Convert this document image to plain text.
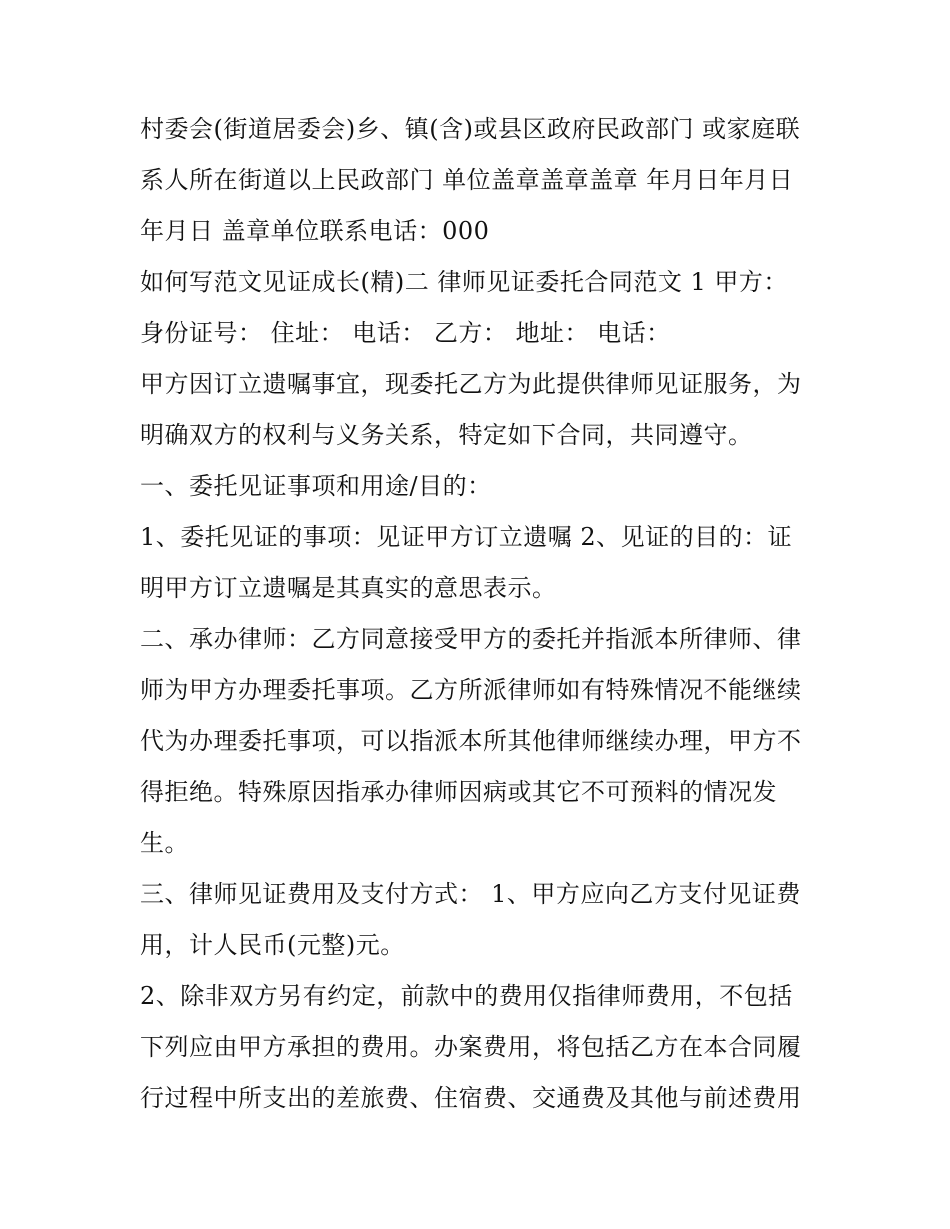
村委会(街道居委会)乡、镇(含)或县区政府民政部门 或家庭联
系人所在街道以上民政部门 单位盖章盖章盖章 年月日年月日
年月日 盖章单位联系电话：000
如何写范文见证成长(精)二 律师见证委托合同范文 1 甲方：
身份证号： 住址： 电话： 乙方： 地址： 电话：
甲方因订立遗嘱事宜，现委托乙方为此提供律师见证服务，为
明确双方的权利与义务关系，特定如下合同，共同遵守。
一、委托见证事项和用途/目的：
1、委托见证的事项：见证甲方订立遗嘱 2、见证的目的：证
明甲方订立遗嘱是其真实的意思表示。
二、承办律师：乙方同意接受甲方的委托并指派本所律师、律
师为甲方办理委托事项。乙方所派律师如有特殊情况不能继续
代为办理委托事项，可以指派本所其他律师继续办理，甲方不
得拒绝。特殊原因指承办律师因病或其它不可预料的情况发
生。
三、律师见证费用及支付方式： 1、甲方应向乙方支付见证费
用，计人民币(元整)元。
2、除非双方另有约定，前款中的费用仅指律师费用，不包括
下列应由甲方承担的费用。办案费用，将包括乙方在本合同履
行过程中所支出的差旅费、住宿费、交通费及其他与前述费用
